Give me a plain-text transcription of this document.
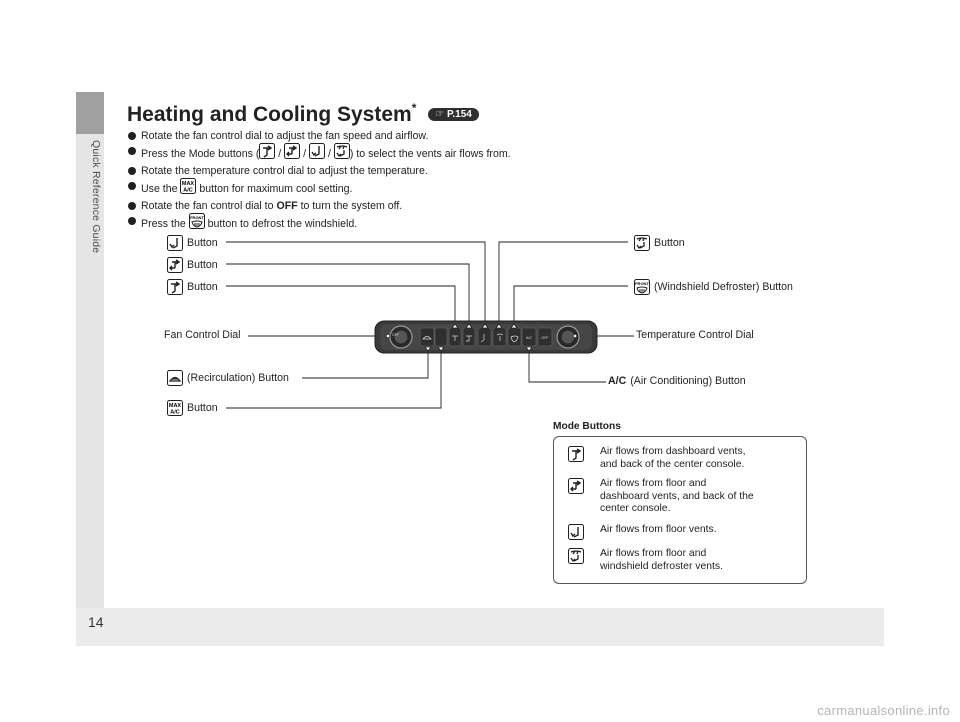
Quick Reference Guide
14
carmanualsonline.info
Heating and Cooling System* ☞ P.154
Rotate the fan control dial to adjust the fan speed and airflow.
Press the Mode buttons ( /  /  / ) to select the vents air flows from.
Rotate the temperature control dial to adjust the temperature.
Use the MAX
A/C button for maximum cool setting.
Rotate the fan control dial to OFF to turn the system off.
Press the
FRONT
button to defrost the windshield.
OFF
A/C	OFF
Button
Button
Button
Fan Control Dial
(Recirculation) Button
MAX
A/C Button
Button
FRONT (Windshield Defroster) Button
Temperature Control Dial
A/C (Air Conditioning) Button
Mode Buttons
Air flows from dashboard vents,
and back of the center console.
Air flows from floor and
dashboard vents, and back of the
center console.
Air flows from floor vents.
Air flows from floor and
windshield defroster vents.
